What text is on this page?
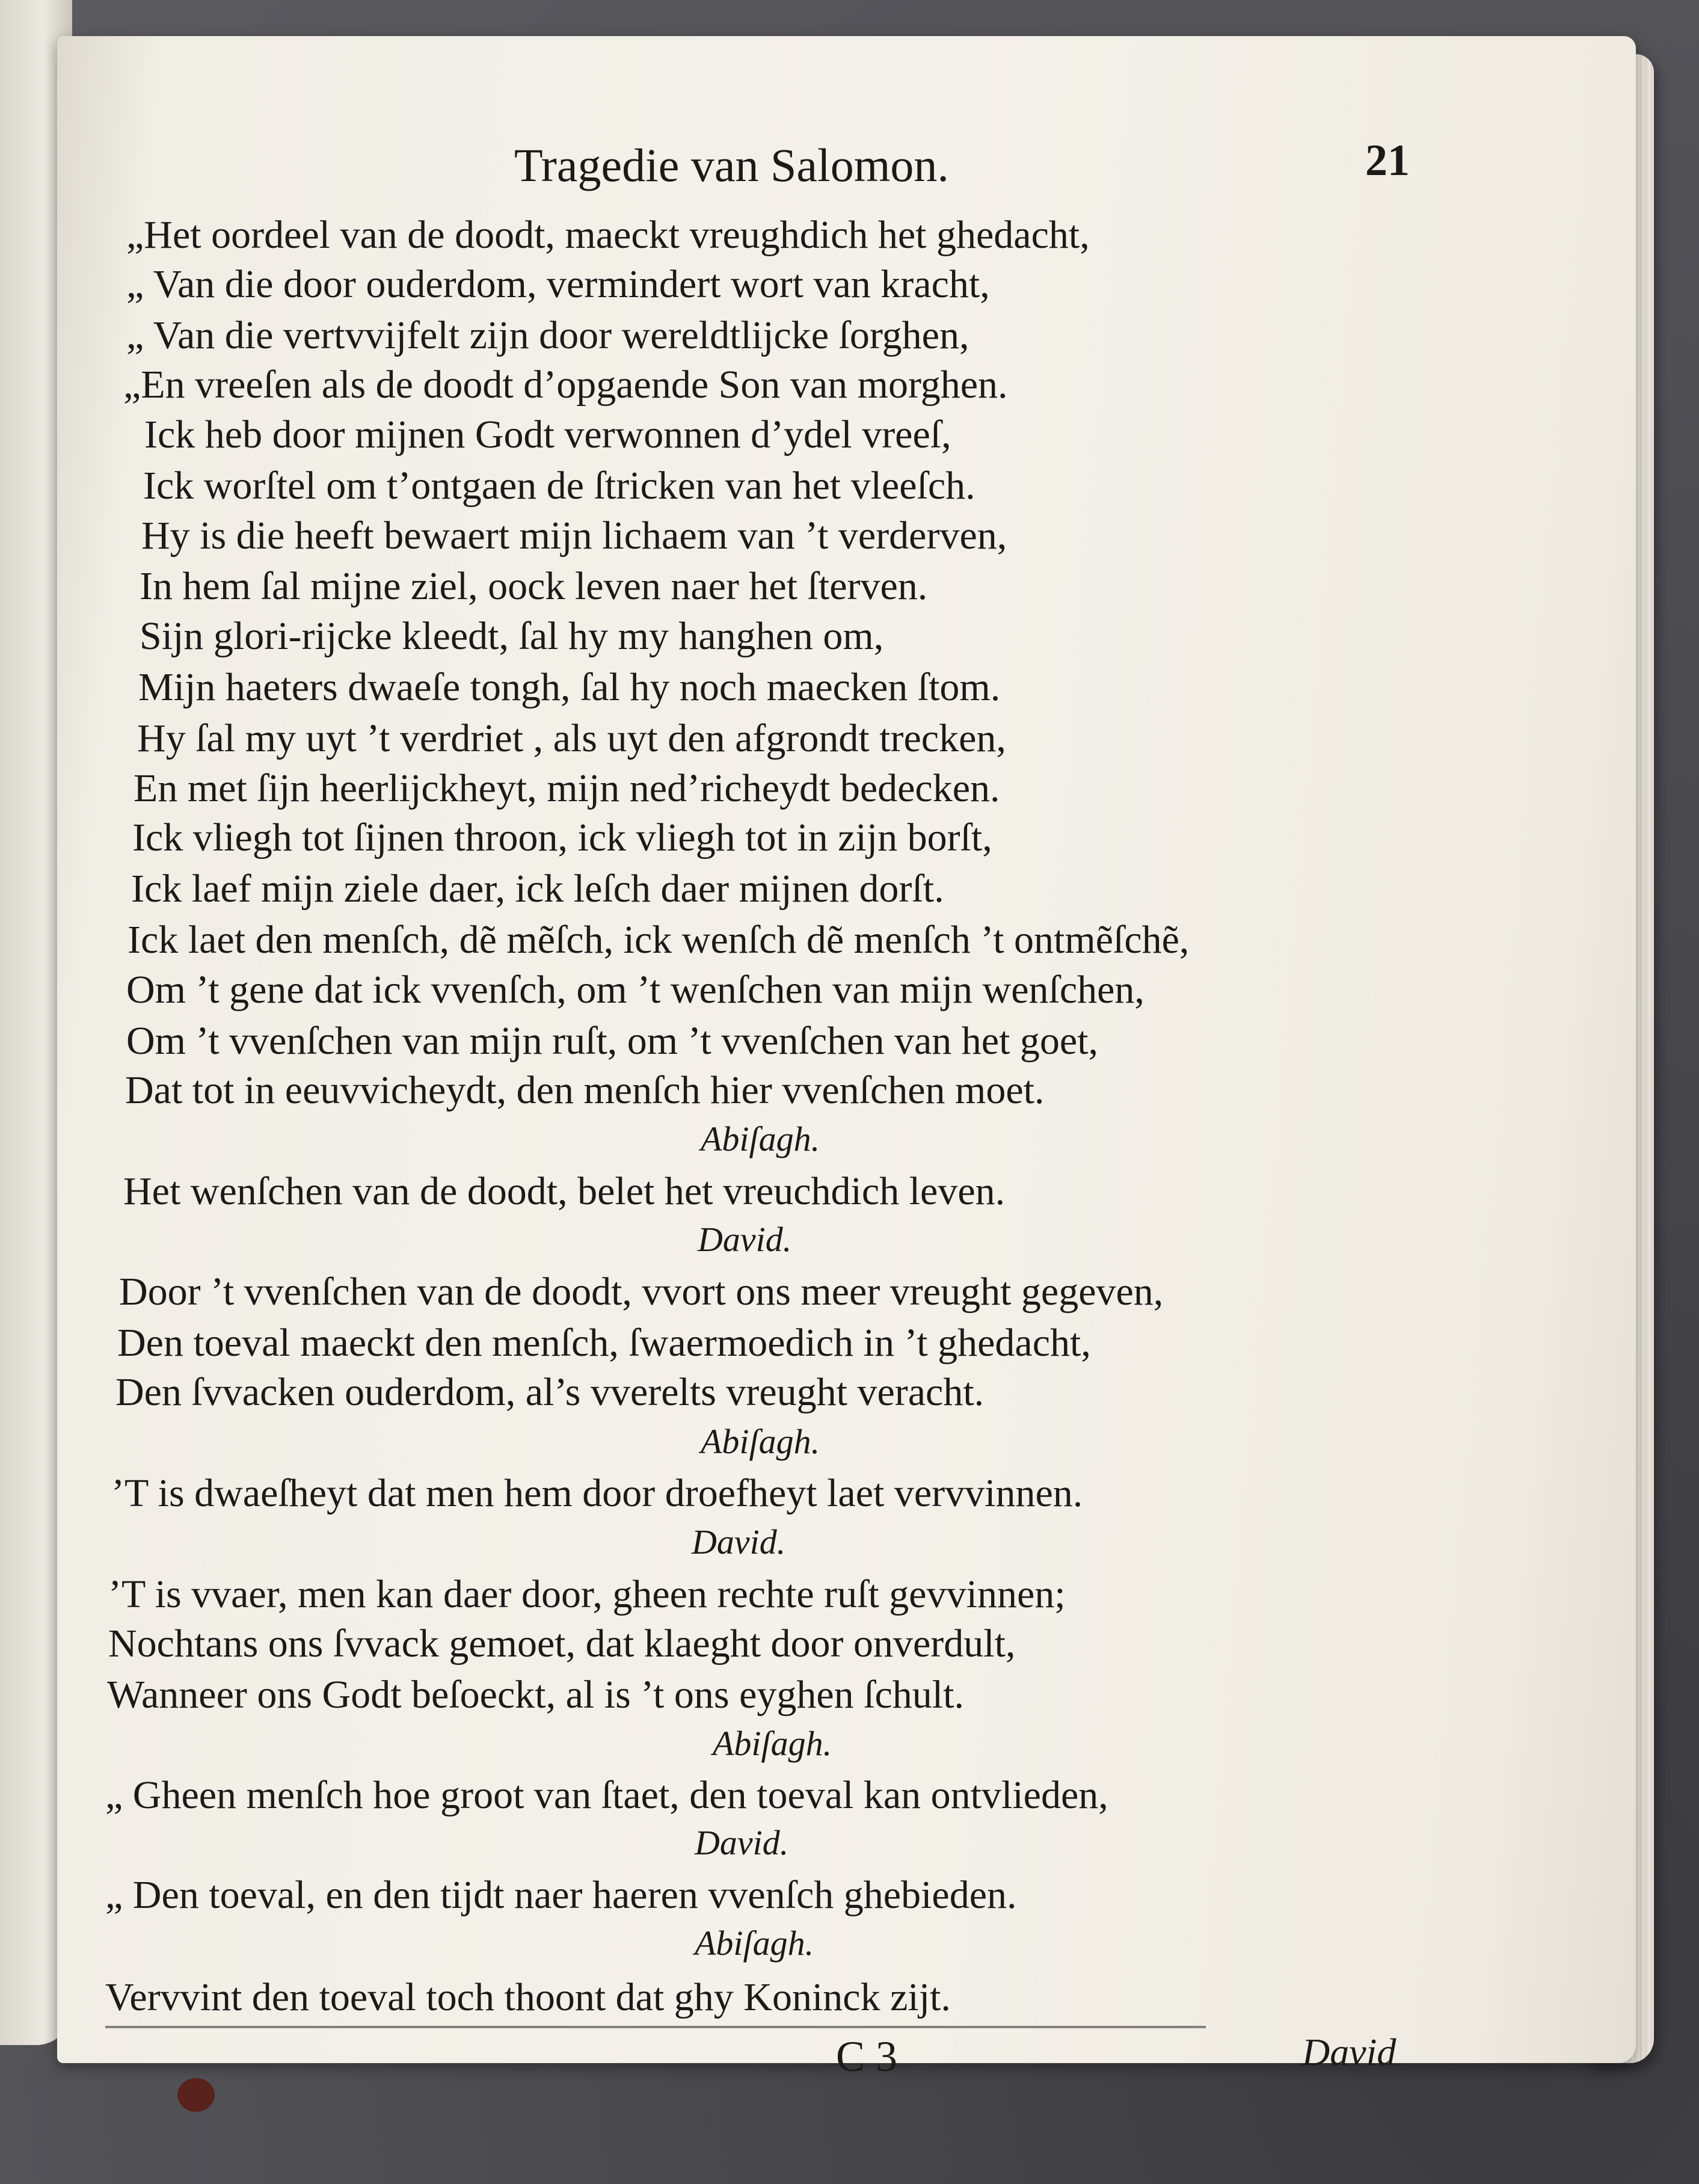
Tragedie van Salomon.	21
„Het oordeel van de doodt, maeckt vreughdich het ghedacht,
„ Van die door ouderdom, vermindert wort van kracht,
„ Van die vertvvijfelt zijn door wereldtlijcke ſorghen,
„En vreeſen als de doodt d’opgaende Son van morghen.
Ick heb door mijnen Godt verwonnen d’ydel vreeſ,
Ick worſtel om t’ontgaen de ſtricken van het vleeſch.
Hy is die heeft bewaert mijn lichaem van ’t verderven,
In hem ſal mijne ziel, oock leven naer het ſterven.
Sijn glori-rijcke kleedt, ſal hy my hanghen om,
Mijn haeters dwaeſe tongh, ſal hy noch maecken ſtom.
Hy ſal my uyt ’t verdriet , als uyt den afgrondt trecken,
En met ſijn heerlijckheyt, mijn ned’richeydt bedecken.
Ick vliegh tot ſijnen throon, ick vliegh tot in zijn borſt,
Ick laef mijn ziele daer, ick leſch daer mijnen dorſt.
Ick laet den menſch, dẽ mẽſch, ick wenſch dẽ menſch ’t ontmẽſchẽ,
Om ’t gene dat ick vvenſch, om ’t wenſchen van mijn wenſchen,
Om ’t vvenſchen van mijn ruſt, om ’t vvenſchen van het goet,
Dat tot in eeuvvicheydt, den menſch hier vvenſchen moet.
Abiſagh.
Het wenſchen van de doodt, belet het vreuchdich leven.
David.
Door ’t vvenſchen van de doodt, vvort ons meer vreught gegeven,
Den toeval maeckt den menſch, ſwaermoedich in ’t ghedacht,
Den ſvvacken ouderdom, al’s vverelts vreught veracht.
Abiſagh.
’T is dwaeſheyt dat men hem door droefheyt laet vervvinnen.
David.
’T is vvaer, men kan daer door, gheen rechte ruſt gevvinnen;
Nochtans ons ſvvack gemoet, dat klaeght door onverdult,
Wanneer ons Godt beſoeckt, al is ’t ons eyghen ſchult.
Abiſagh.
„ Gheen menſch hoe groot van ſtaet, den toeval kan ontvlieden,
David.
„ Den toeval, en den tijdt naer haeren vvenſch ghebieden.
Abiſagh.
Vervvint den toeval toch thoont dat ghy Koninck zijt.
C 3	David
